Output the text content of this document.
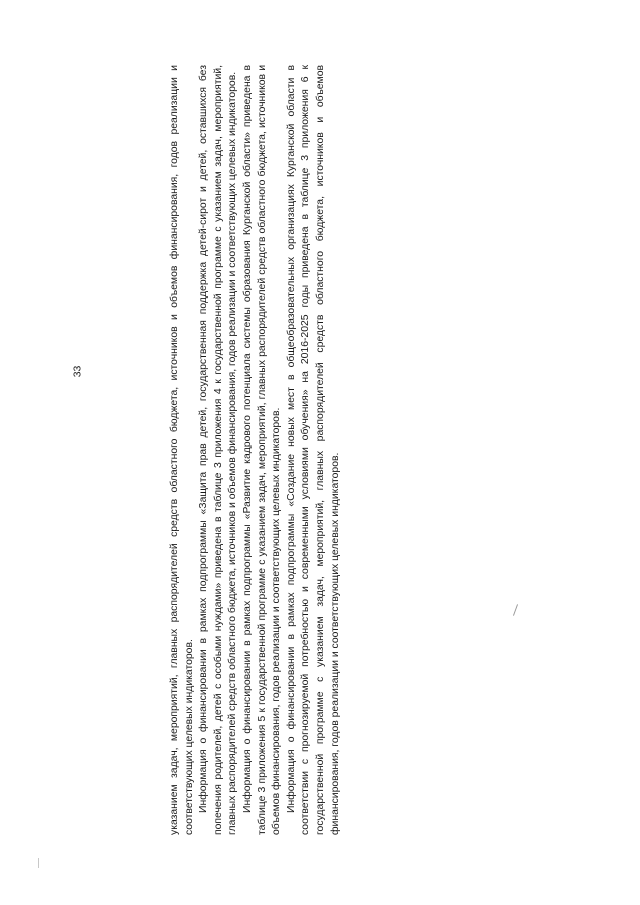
33	указанием задач, мероприятий, главных распорядителей средств областного бюджета, источников и объемов финансирования, годов реализации и соответствующих целевых индикаторов. Информация о финансировании в рамках подпрограммы «Защита прав детей, государственная поддержка детей-сирот и детей, оставшихся без попечения родителей, детей с особыми нуждами» приведена в таблице 3 приложения 4 к государственной программе с указанием задач, мероприятий, главных распорядителей средств областного бюджета, источников и объемов финансирования, годов реализации и соответствующих целевых индикаторов. Информация о финансировании в рамках подпрограммы «Развитие кадрового потенциала системы образования Курганской области» приведена в таблице 3 приложения 5 к государственной программе с указанием задач, мероприятий, главных распорядителей средств областного бюджета, источников и объемов финансирования, годов реализации и соответствующих целевых индикаторов. Информация о финансировании в рамках подпрограммы «Создание новых мест в общеобразовательных организациях Курганской области в соответствии с прогнозируемой потребностью и современными условиями обучения» на 2016-2025 годы приведена в таблице 3 приложения 6 к государственной программе с указанием задач, мероприятий, главных распорядителей средств областного бюджета, источников и объемов финансирования, годов реализации и соответствующих целевых индикаторов.
